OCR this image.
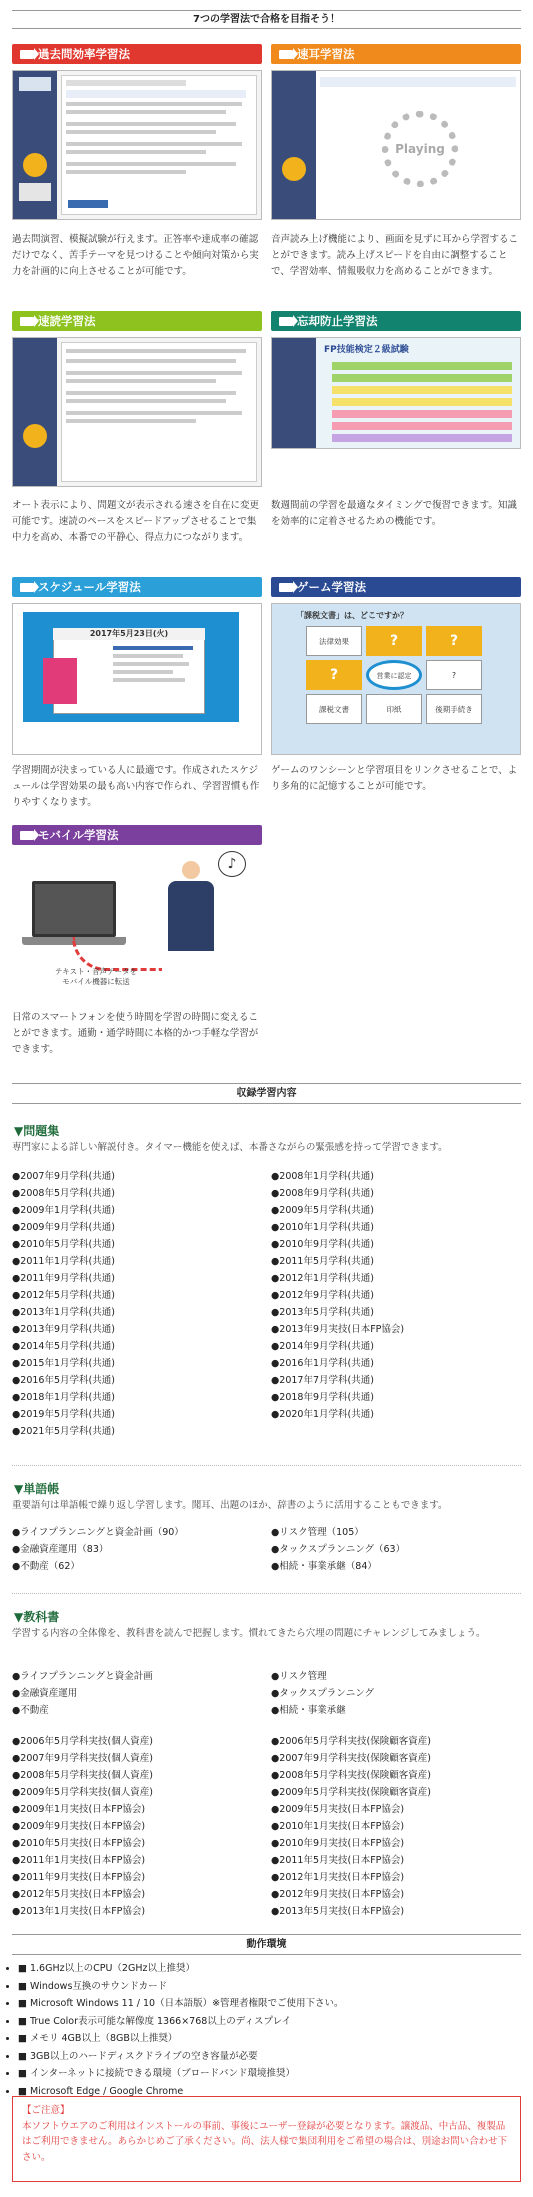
7つの学習法で合格を目指そう！
過去問効率学習法
過去問演習、模擬試験が行えます。正答率や達成率の確認だけでなく、苦手テーマを見つけることや傾向対策から実力を計画的に向上させることが可能です。
速耳学習法
Playing
音声読み上げ機能により、画面を見ずに耳から学習することができます。読み上げスピードを自由に調整することで、学習効率、情報吸収力を高めることができます。
速読学習法
オート表示により、問題文が表示される速さを自在に変更可能です。速読のペースをスピードアップさせることで集中力を高め、本番での平静心、得点力につながります。
忘却防止学習法
FP技能検定２級試験
数週間前の学習を最適なタイミングで復習できます。知識を効率的に定着させるための機能です。
スケジュール学習法
2017年5月23日(火)
学習期間が決まっている人に最適です。作成されたスケジュールは学習効果の最も高い内容で作られ、学習習慣も作りやすくなります。
ゲーム学習法
「課税文書」は、どこですか？
法律効果	?	?
?	営業に認定	?
課税文書	印紙	後期手続き
ゲームのワンシーンと学習項目をリンクさせることで、より多角的に記憶することが可能です。
モバイル学習法
♪
テキスト・音声データを
モバイル機器に転送
日常のスマートフォンを使う時間を学習の時間に変えることができます。通勤・通学時間に本格的かつ手軽な学習ができます。
収録学習内容
▼問題集
専門家による詳しい解説付き。タイマー機能を使えば、本番さながらの緊張感を持って学習できます。
●2007年9月学科(共通)
●2008年5月学科(共通)
●2009年1月学科(共通)
●2009年9月学科(共通)
●2010年5月学科(共通)
●2011年1月学科(共通)
●2011年9月学科(共通)
●2012年5月学科(共通)
●2013年1月学科(共通)
●2013年9月学科(共通)
●2014年5月学科(共通)
●2015年1月学科(共通)
●2016年5月学科(共通)
●2018年1月学科(共通)
●2019年5月学科(共通)
●2021年5月学科(共通)
●2008年1月学科(共通)
●2008年9月学科(共通)
●2009年5月学科(共通)
●2010年1月学科(共通)
●2010年9月学科(共通)
●2011年5月学科(共通)
●2012年1月学科(共通)
●2012年9月学科(共通)
●2013年5月学科(共通)
●2013年9月実技(日本FP協会)
●2014年9月学科(共通)
●2016年1月学科(共通)
●2017年7月学科(共通)
●2018年9月学科(共通)
●2020年1月学科(共通)
▼単語帳
重要語句は単語帳で繰り返し学習します。聞耳、出題のほか、辞書のように活用することもできます。
●ライフプランニングと資金計画（90）
●金融資産運用（83）
●不動産（62）
●リスク管理（105）
●タックスプランニング（63）
●相続・事業承継（84）
▼教科書
学習する内容の全体像を、教科書を読んで把握します。慣れてきたら穴埋の問題にチャレンジしてみましょう。
●ライフプランニングと資金計画
●金融資産運用
●不動産
●リスク管理
●タックスプランニング
●相続・事業承継
●2006年5月学科実技(個人資産)
●2007年9月学科実技(個人資産)
●2008年5月学科実技(個人資産)
●2009年5月学科実技(個人資産)
●2009年1月実技(日本FP協会)
●2009年9月実技(日本FP協会)
●2010年5月実技(日本FP協会)
●2011年1月実技(日本FP協会)
●2011年9月実技(日本FP協会)
●2012年5月実技(日本FP協会)
●2013年1月実技(日本FP協会)
●2006年5月学科実技(保険顧客資産)
●2007年9月学科実技(保険顧客資産)
●2008年5月学科実技(保険顧客資産)
●2009年5月学科実技(保険顧客資産)
●2009年5月実技(日本FP協会)
●2010年1月実技(日本FP協会)
●2010年9月実技(日本FP協会)
●2011年5月実技(日本FP協会)
●2012年1月実技(日本FP協会)
●2012年9月実技(日本FP協会)
●2013年5月実技(日本FP協会)
動作環境
• ■ 1.6GHz以上のCPU（2GHz以上推奨）
• ■ Windows互換のサウンドカード
• ■ Microsoft Windows 11 / 10（日本語版）※管理者権限でご使用下さい。
• ■ True Color表示可能な解像度 1366×768以上のディスプレイ
• ■ メモリ 4GB以上（8GB以上推奨）
• ■ 3GB以上のハードディスクドライブの空き容量が必要
• ■ インターネットに接続できる環境（ブロードバンド環境推奨）
• ■ Microsoft Edge / Google Chrome
【ご注意】
本ソフトウエアのご利用はインストールの事前、事後にユーザー登録が必要となります。譲渡品、中古品、複製品はご利用できません。あらかじめご了承ください。尚、法人様で集団利用をご希望の場合は、別途お問い合わせ下さい。
